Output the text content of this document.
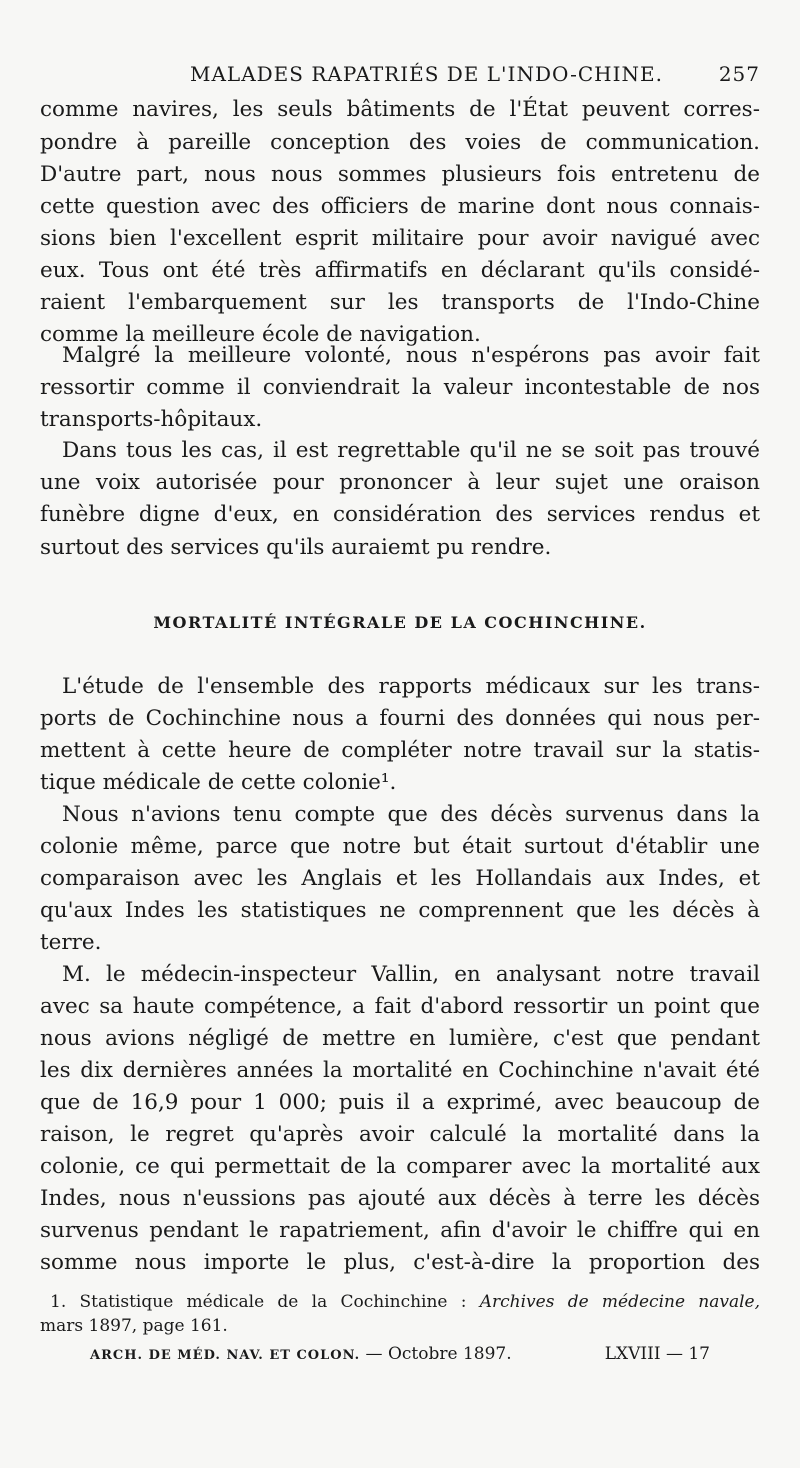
MALADES RAPATRIÉS DE L'INDO-CHINE.	257
comme navires, les seuls bâtiments de l'État peuvent corres-
pondre à pareille conception des voies de communication.
D'autre part, nous nous sommes plusieurs fois entretenu de
cette question avec des officiers de marine dont nous connais-
sions bien l'excellent esprit militaire pour avoir navigué avec
eux. Tous ont été très affirmatifs en déclarant qu'ils considé-
raient l'embarquement sur les transports de l'Indo-Chine
comme la meilleure école de navigation.
Malgré la meilleure volonté, nous n'espérons pas avoir fait
ressortir comme il conviendrait la valeur incontestable de nos
transports-hôpitaux.
Dans tous les cas, il est regrettable qu'il ne se soit pas trouvé
une voix autorisée pour prononcer à leur sujet une oraison
funèbre digne d'eux, en considération des services rendus et
surtout des services qu'ils auraiemt pu rendre.
MORTALITÉ INTÉGRALE DE LA COCHINCHINE.
L'étude de l'ensemble des rapports médicaux sur les trans-
ports de Cochinchine nous a fourni des données qui nous per-
mettent à cette heure de compléter notre travail sur la statis-
tique médicale de cette colonie¹.
Nous n'avions tenu compte que des décès survenus dans la
colonie même, parce que notre but était surtout d'établir une
comparaison avec les Anglais et les Hollandais aux Indes, et
qu'aux Indes les statistiques ne comprennent que les décès à
terre.
M. le médecin-inspecteur Vallin, en analysant notre travail
avec sa haute compétence, a fait d'abord ressortir un point que
nous avions négligé de mettre en lumière, c'est que pendant
les dix dernières années la mortalité en Cochinchine n'avait été
que de 16,9 pour 1 000; puis il a exprimé, avec beaucoup de
raison, le regret qu'après avoir calculé la mortalité dans la
colonie, ce qui permettait de la comparer avec la mortalité aux
Indes, nous n'eussions pas ajouté aux décès à terre les décès
survenus pendant le rapatriement, afin d'avoir le chiffre qui en
somme nous importe le plus, c'est-à-dire la proportion des
1. Statistique médicale de la Cochinchine : Archives de médecine navale,
mars 1897, page 161.
ARCH. DE MÉD. NAV. ET COLON. — Octobre 1897.	LXVIII — 17
